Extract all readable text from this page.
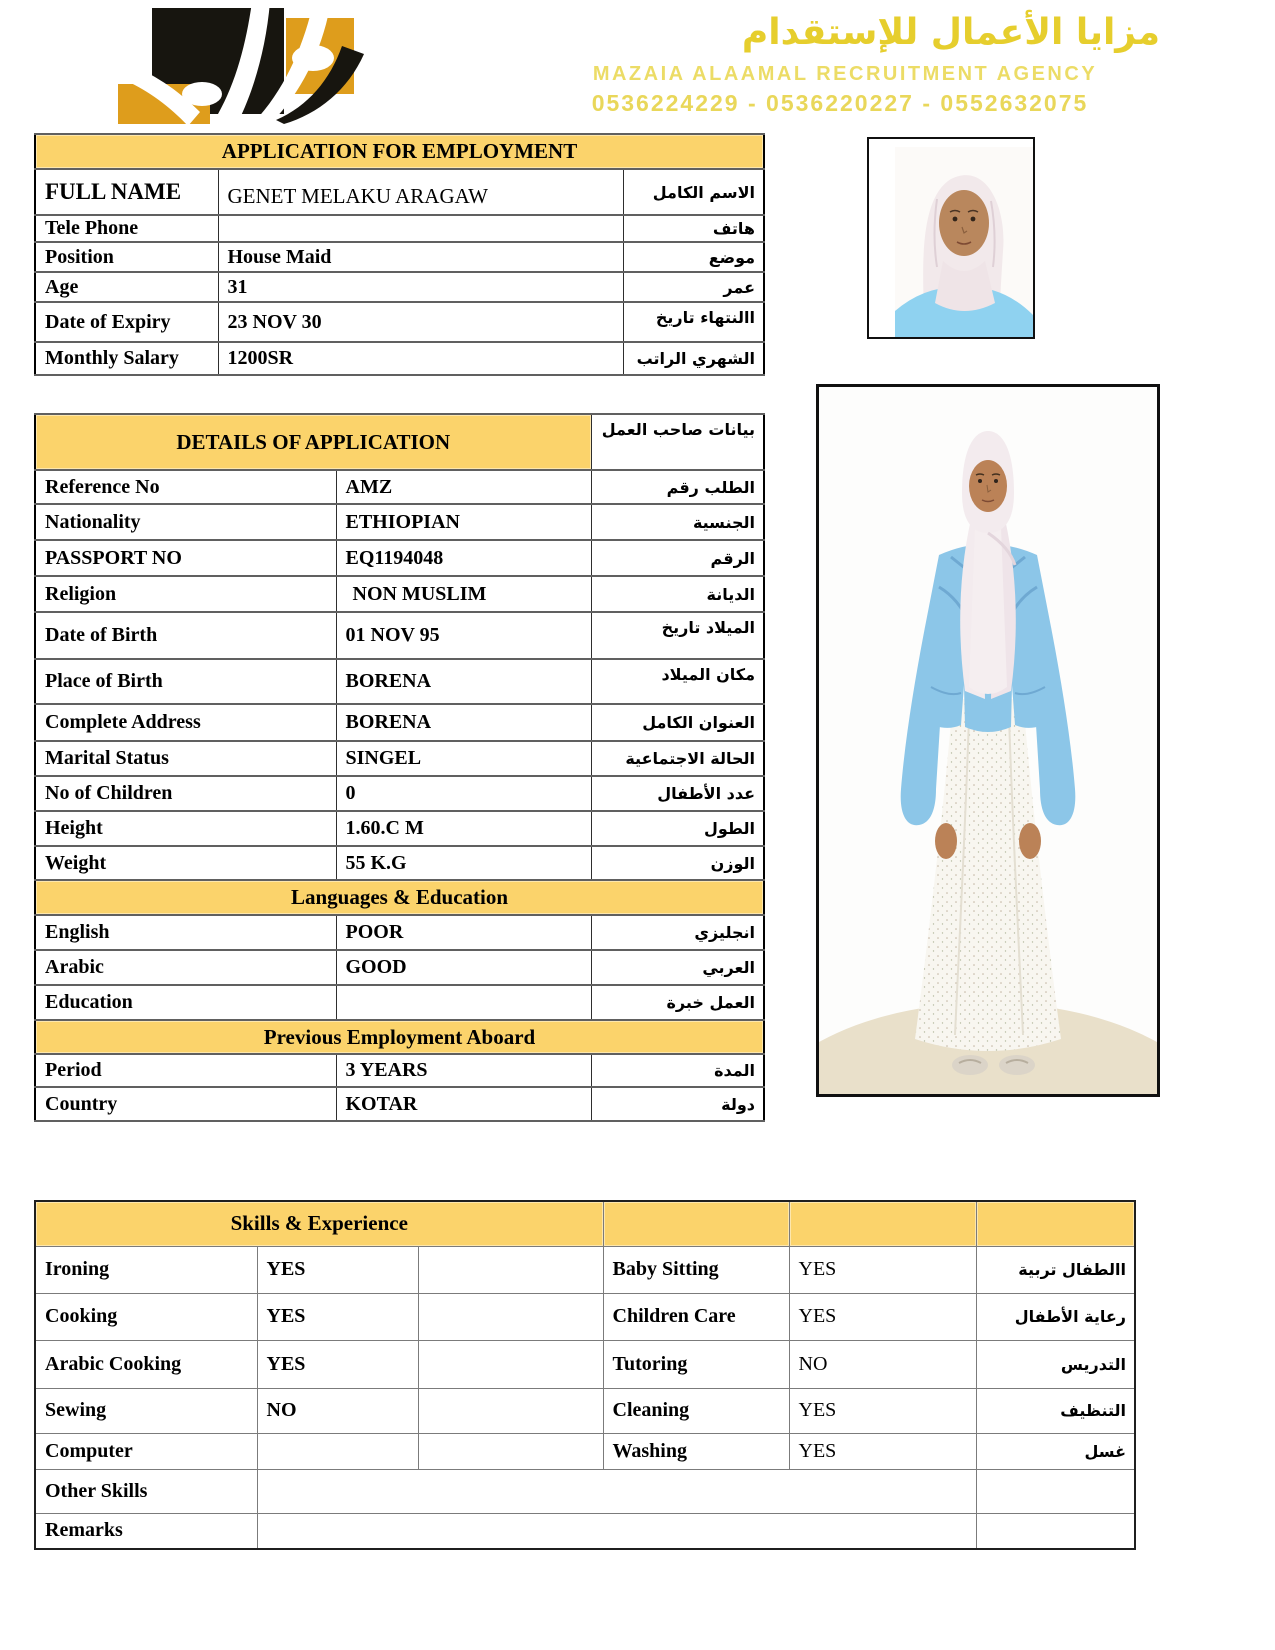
مزايا الأعمال للإستقدام
MAZAIA ALAAMAL RECRUITMENT AGENCY
0536224229 - 0536220227 - 0552632075
APPLICATION FOR EMPLOYMENT		
FULL NAME	GENET MELAKU ARAGAW	الاسم الكامل
Tele Phone		هاتف
Position	House Maid	موضع
Age	31	عمر
Date of Expiry	23 NOV 30	االنتهاء تاريخ
Monthly Salary	1200SR	الشهري الراتب
DETAILS OF APPLICATION		بيانات صاحب العمل
Reference No	AMZ	الطلب رقم
Nationality	ETHIOPIAN	الجنسية
PASSPORT NO	EQ1194048	الرقم
Religion	NON MUSLIM	الديانة
Date of Birth	01 NOV 95	الميلاد تاريخ
Place of Birth	BORENA	مكان الميلاد
Complete Address	BORENA	العنوان الكامل
Marital Status	SINGEL	الحالة الاجتماعية
No of Children	0	عدد الأطفال
Height	1.60.C M	الطول
Weight	55 K.G	الوزن
Languages & Education		
English	POOR	انجليزي
Arabic	GOOD	العربي
Education		العمل خبرة
Previous Employment Aboard		
Period	3 YEARS	المدة
Country	KOTAR	دولة
Skills & Experience					
Ironing	YES		Baby Sitting	YES	االطفال تربية
Cooking	YES		Children Care	YES	رعاية الأطفال
Arabic Cooking	YES		Tutoring	NO	التدريس
Sewing	NO		Cleaning	YES	التنظيف
Computer			Washing	YES	غسل
Other Skills					
Remarks					
